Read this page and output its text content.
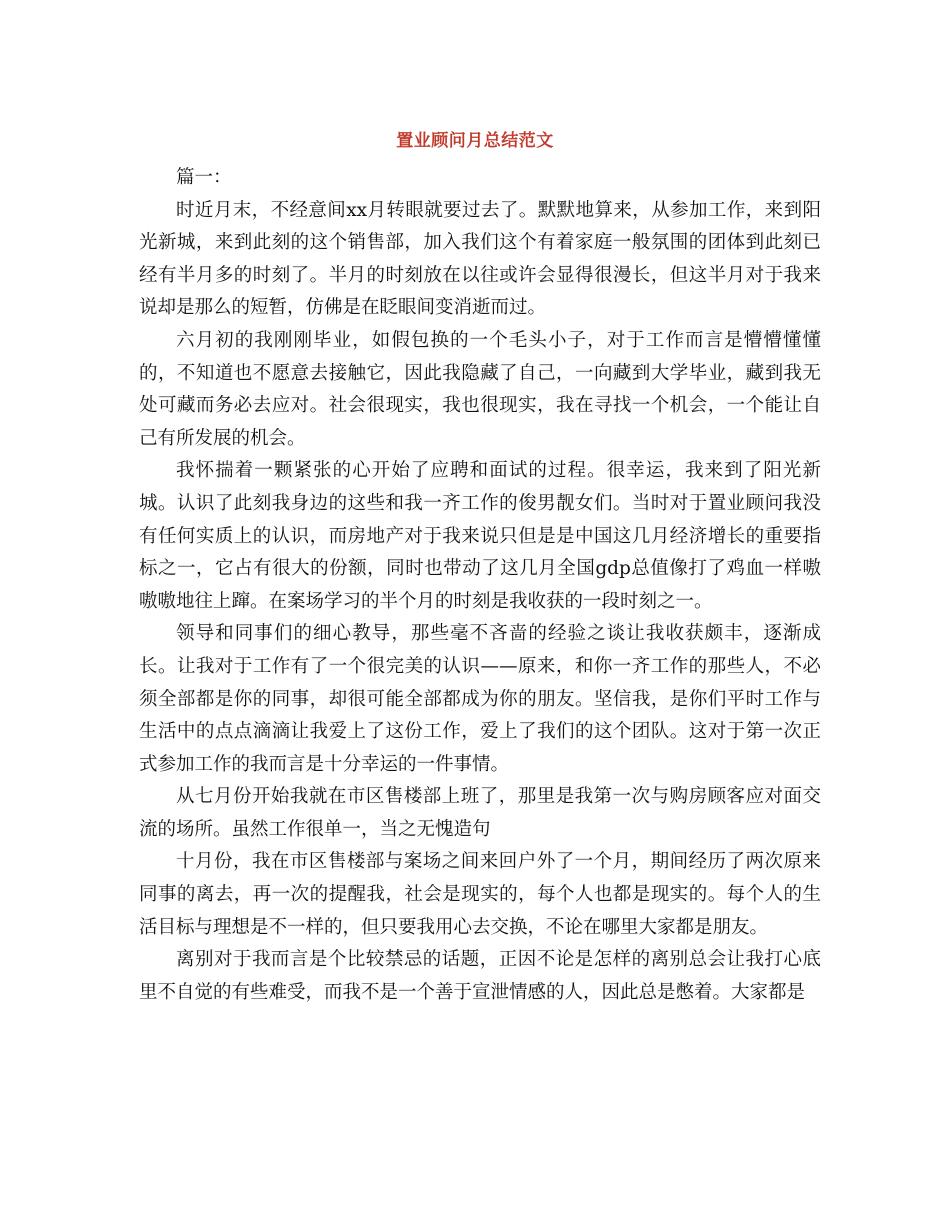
置业顾问月总结范文

篇一：

时近月末，不经意间xx月转眼就要过去了。默默地算来，从参加工作，来到阳光新城，来到此刻的这个销售部，加入我们这个有着家庭一般氛围的团体到此刻已经有半月多的时刻了。半月的时刻放在以往或许会显得很漫长，但这半月对于我来说却是那么的短暂，仿佛是在眨眼间变消逝而过。

六月初的我刚刚毕业，如假包换的一个毛头小子，对于工作而言是懵懵懂懂的，不知道也不愿意去接触它，因此我隐藏了自己，一向藏到大学毕业，藏到我无处可藏而务必去应对。社会很现实，我也很现实，我在寻找一个机会，一个能让自己有所发展的机会。

我怀揣着一颗紧张的心开始了应聘和面试的过程。很幸运，我来到了阳光新城。认识了此刻我身边的这些和我一齐工作的俊男靓女们。当时对于置业顾问我没有任何实质上的认识，而房地产对于我来说只但是是中国这几月经济增长的重要指标之一，它占有很大的份额，同时也带动了这几月全国gdp总值像打了鸡血一样嗷嗷嗷地往上蹿。在案场学习的半个月的时刻是我收获的一段时刻之一。

领导和同事们的细心教导，那些毫不吝啬的经验之谈让我收获颇丰，逐渐成长。让我对于工作有了一个很完美的认识——原来，和你一齐工作的那些人，不必须全部都是你的同事，却很可能全部都成为你的朋友。坚信我，是你们平时工作与生活中的点点滴滴让我爱上了这份工作，爱上了我们的这个团队。这对于第一次正式参加工作的我而言是十分幸运的一件事情。

从七月份开始我就在市区售楼部上班了，那里是我第一次与购房顾客应对面交流的场所。虽然工作很单一，当之无愧造句

十月份，我在市区售楼部与案场之间来回户外了一个月，期间经历了两次原来同事的离去，再一次的提醒我，社会是现实的，每个人也都是现实的。每个人的生活目标与理想是不一样的，但只要我用心去交换，不论在哪里大家都是朋友。

离别对于我而言是个比较禁忌的话题，正因不论是怎样的离别总会让我打心底里不自觉的有些难受，而我不是一个善于宣泄情感的人，因此总是憋着。大家都是
